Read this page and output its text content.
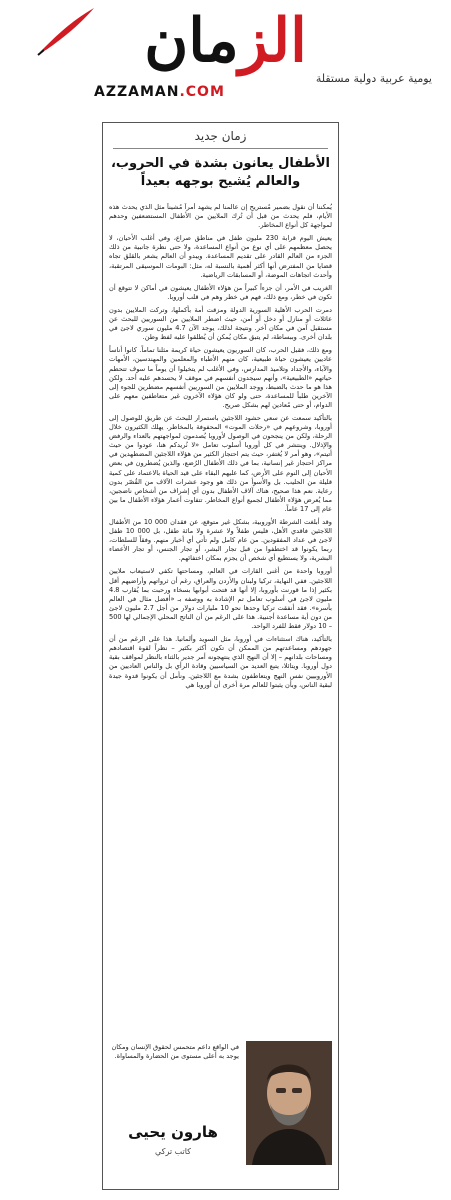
الزمان
يومية عربية دولية مستقلة
AZZAMAN.COM
زمان جديد
الأطفال يعانون بشدة في الحروب، والعالم يُشيح بوجهه بعيداً

يُمكننا أن نقول بضمير مُستريح إن عالمنا لم يشهد أمراً مُشيناً مثل الذي يحدث هذه الأيام، فلم يحدث من قبل أن تُرك الملايين من الأطفال المستضعفين وحدهم لمواجهة كل أنواع المخاطر.

يعيش اليوم قرابة 230 مليون طفل في مناطق صراع، وفي أغلب الأحيان، لا يحصل معظمهم على أي نوع من أنواع المساعدة، ولا حتى نظرة جانبية من ذلك الجزء من العالم القادر على تقديم المساعدة. ويبدو أن العالم يشعر بالقلق تجاه قضايا من المفترض أنها أكثر أهمية بالنسبة له، مثل: البومات الموسيقى المرتقبة، وأحدث اتجاهات الموضة، أو المسابقات الرياضية.

الغريب في الأمر، أن جزءاً كبيراً من هؤلاء الأطفال يعيشون في أماكن لا تتوقع أن تكون في خطر، ومع ذلك، فهم في خطر وهم في قلب أوروبا.

دمرت الحرب الأهلية السورية الدولة ومزقت أمة بأكملها، وتركت الملايين بدون عائلات أو منازل أو دخل أو أمن، حيث اضطر الملايين من السوريين للبحث عن مستقبل آمن في مكان آخر. ونتيجة لذلك، يوجد الآن 4.7 مليون سوري لاجئ في بلدان أخرى. وببساطة، لم يتبق مكان يُمكن أن يُطلقوا عليه لفظ وطن.

ومع ذلك، فقبل الحرب، كان السوريون يعيشون حياة كريمة مثلنا تماماً. كانوا أناساً عاديين يعيشون حياة طبيعية، كان منهم الأطباء والمعلمين والمهندسين، الأمهات والآباء، والأجداد وتلاميذ المدارس، وفي الأغلب لم يتخيلوا أن يوماً ما سوف تتحطم حياتهم «الطبيعية»، وأنهم سيجدون أنفسهم في موقف لا يحسدهم عليه أحد. ولكن هذا هو ما حدث بالضبط، ووجد الملايين من السوريين أنفسهم مضطرين للجوء إلى الآخرين طلباً للمساعدة، حتى ولو كان هؤلاء الآخرون غير متعاطفين معهم على الدوام، أو حتى مُعادين لهم بشكل صريح.

بالتأكيد سمعت عن سعي حشود اللاجئين باستمرار للبحث عن طريق للوصول إلى أوروبا، وشروعهم في «رحلات الموت» المحفوفة بالمخاطر. يهلك الكثيرون خلال الرحلة، ولكن من ينجحون في الوصول لأوروبا يُصدمون لمواجهتهم بالعداء والرفض والإذلال. وينتشر في كل أوروبا أسلوب تعامل «لا نُريدكم هنا، عودوا من حيث أتيتم»، وهو أمر لا يُغتفر، حيث يتم احتجاز الكثير من هؤلاء اللاجئين المضطهدين في مراكز احتجاز غير إنسانية، بما في ذلك الأطفال الرُضع، والذين يُضطرون في بعض الأحيان إلى النوم على الأرض، كما عليهم البقاء على قيد الحياة بالاعتماد على كمية قليلة من الحليب. بل والأسوأ من ذلك هو وجود عشرات الآلاف من القُصّر بدون رعاية. نعم هذا صحيح، هناك آلاف الأطفال بدون أي إشراف من أشخاص ناضجين، مما يُعرض هؤلاء الأطفال لجميع أنواع المخاطر. تتفاوت أعمار هؤلاء الأطفال ما بين عام إلى 17 عاماً.

وقد أبلغت الشرطة الأوروبية، بشكل غير متوقع، عن فقدان 000 10 من الأطفال اللاجئين فاقدي الأهل، فليس طفلاً ولا عشرة ولا مائة طفل، بل 000 10 طفل لاجئ في عداد المفقودين. من عام كامل ولم تأتي أي أخبار منهم. وفقاً للسلطات، ربما يكونوا قد اختطفوا من قبل تجار البشر، أو تجار الجنس، أو تجار الأعضاء البشرية، ولا يستطيع أي شخص أن يجزم بمكان اختفائهم.

أوروبا واحدة من أغنى القارات في العالم، ومساحتها تكفي لاستيعاب ملايين اللاجئين. ففي النهاية، تركيا ولبنان والأردن والعراق، رغم أن ثرواتهم وأراضيهم أقل بكثير إذا ما قورنت بأوروبا، إلا أنها قد فتحت أبوابها بسخاء ورحبت بما يُقارب 4.8 مليون لاجئ في أسلوب تعامل تم الإشادة به ووصفه بـ «أفضل مثال في العالم بأسره». فقد أنفقت تركيا وحدها نحو 10 مليارات دولار من أجل 2.7 مليون لاجئ من دون أية مساعدة أجنبية. هذا على الرغم من أن الناتج المحلي الإجمالي لها 500 – 10 دولار فقط للفرد الواحد.

بالتأكيد، هناك استثناءات في أوروبا، مثل السويد وألمانيا. هذا على الرغم من أن جهودهم ومساعدتهم من الممكن أن تكون أكثر بكثير – نظراً لقوة اقتصادهم ومساحات بلدانهم – إلا أن النهج الذي ينتهجونه أمر جدير بالثناء بالنظر لمواقف بقية دول أوروبا. ويتائلا، يتبع العديد من السياسيين وقادة الرأي بل والناس العاديين من الأوروبيين نفس النهج ويتعاطفون بشدة مع اللاجئين. ونأمل أن يكونوا قدوة جيدة لبقية الناس، وبأن يثبتوا للعالم مرة أخرى أن أوروبا هي

في الواقع داعم متحمس لحقوق الإنسان ومكان يوجد به أعلى مستوى من الحضارة والمساواة.
هارون يحيى
كاتب تركي
